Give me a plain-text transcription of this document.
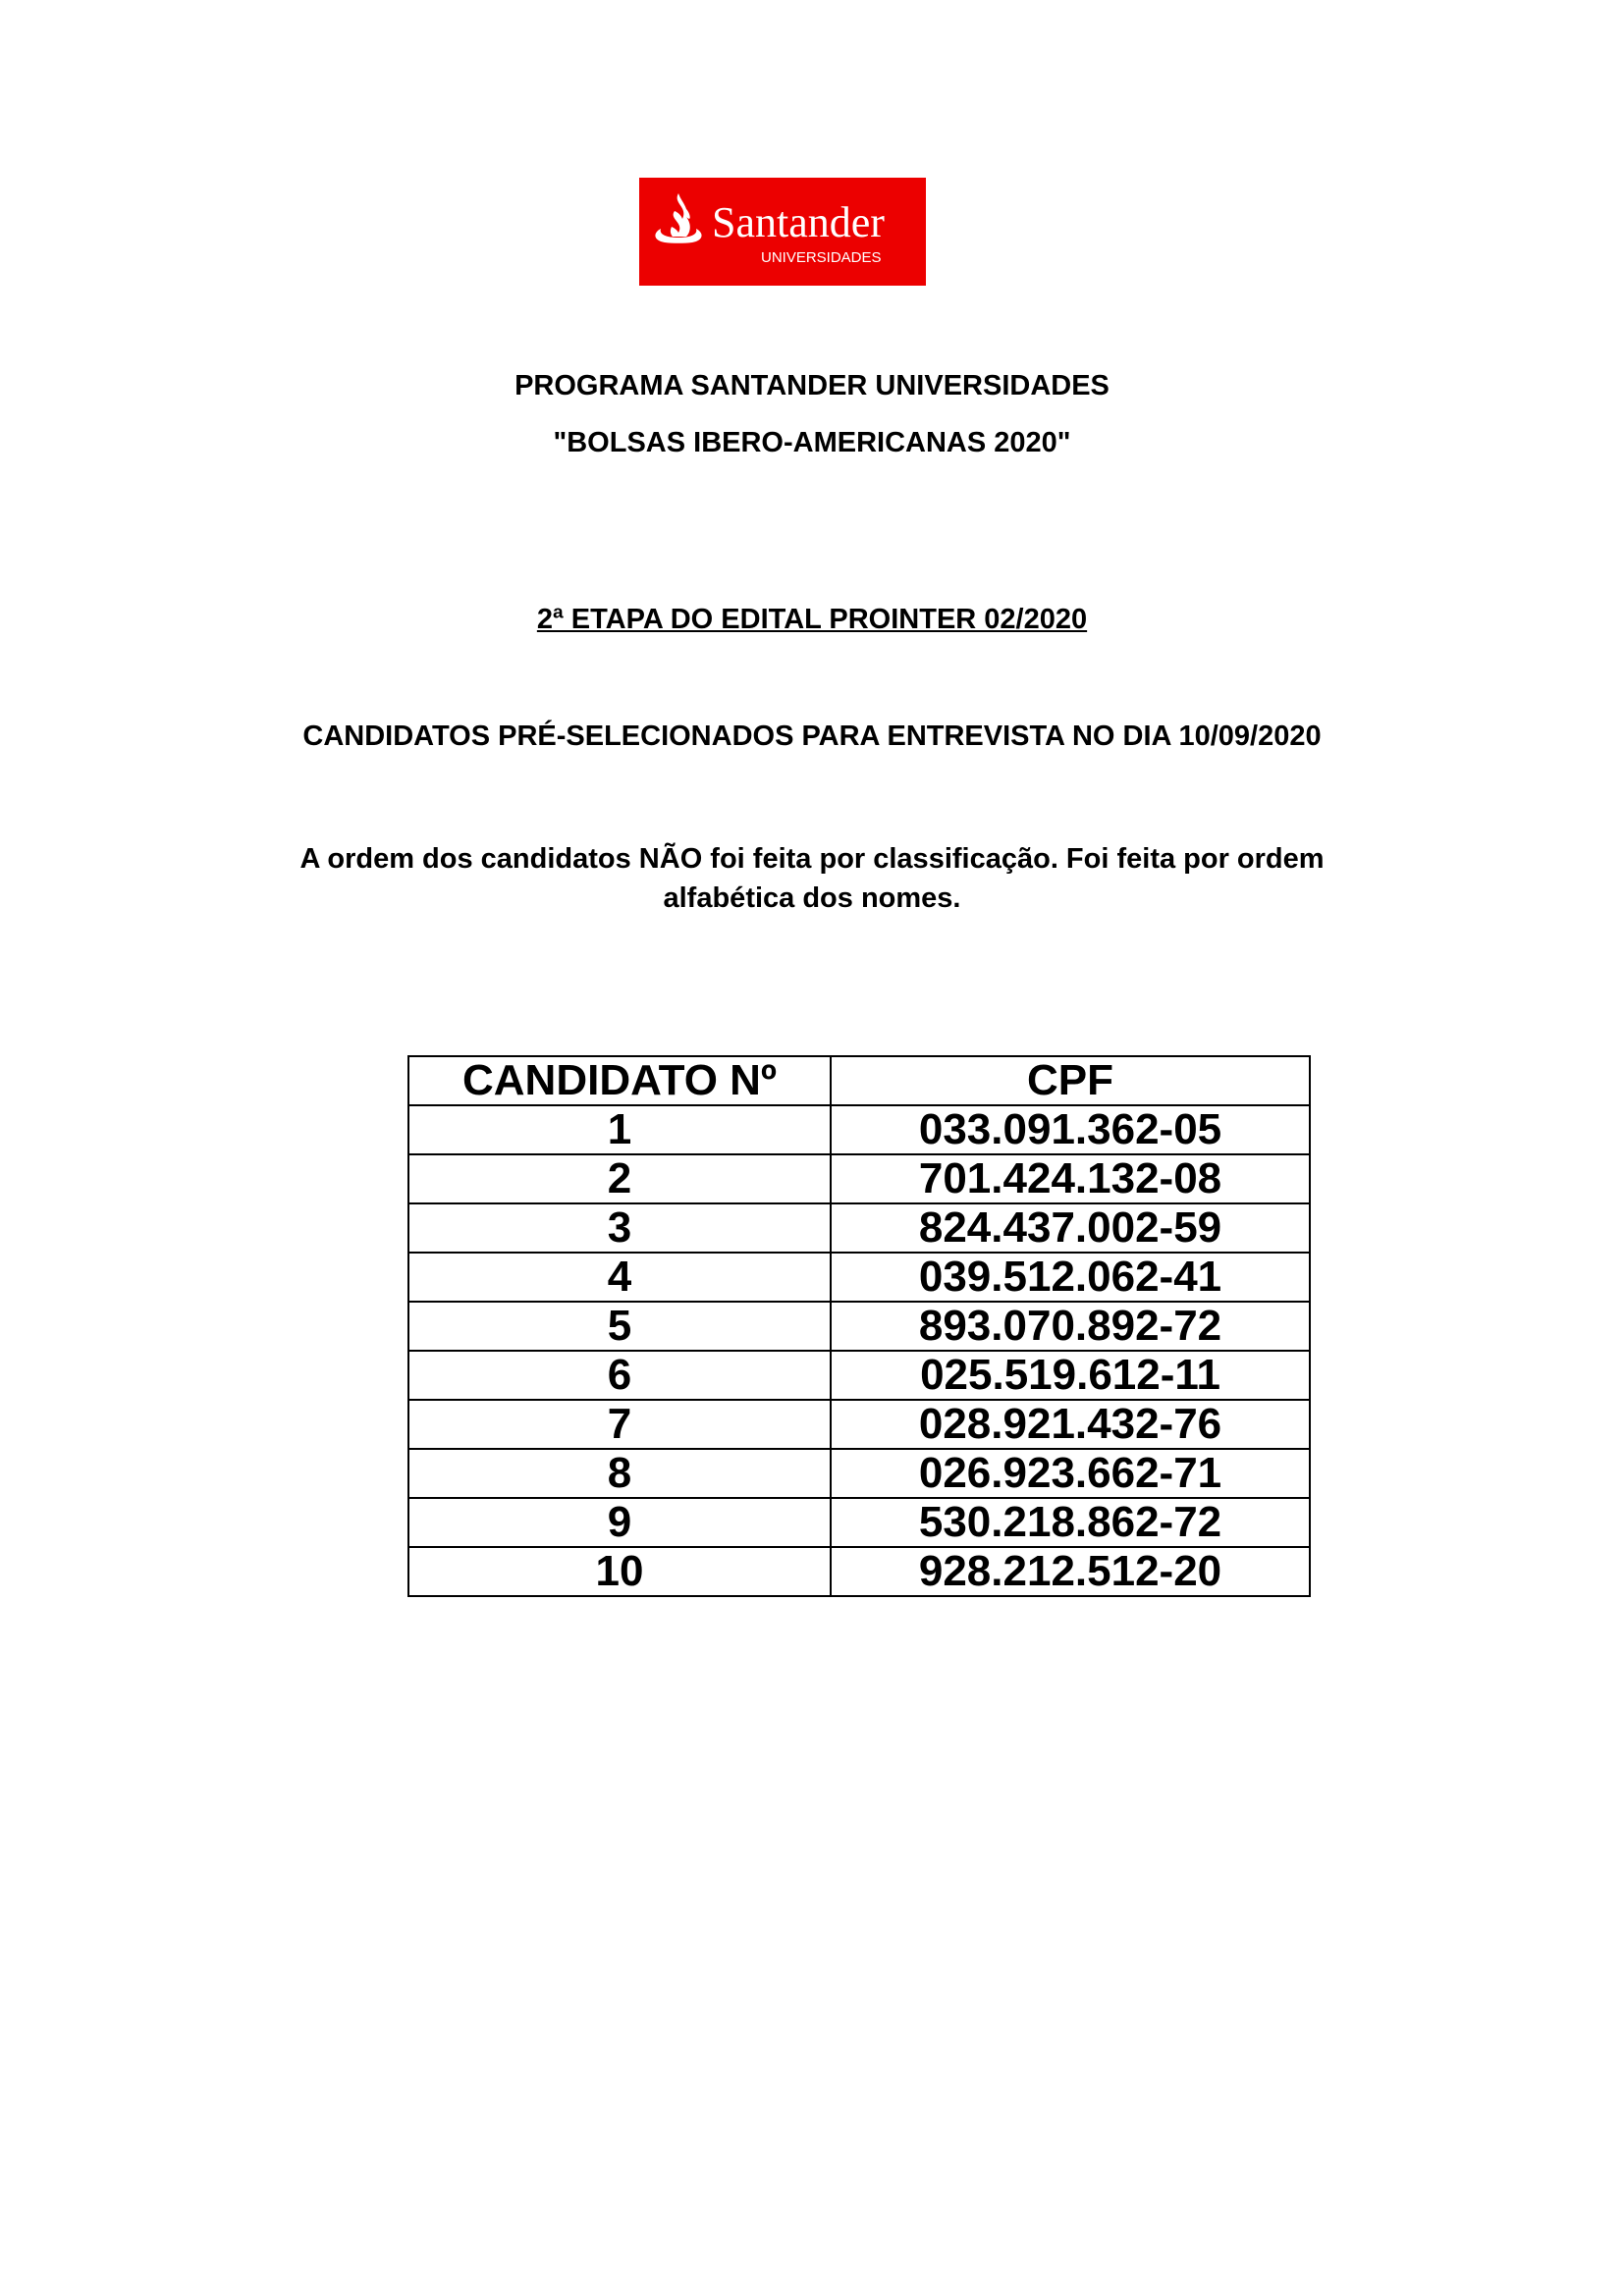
Santander
UNIVERSIDADES
PROGRAMA SANTANDER UNIVERSIDADES
"BOLSAS IBERO-AMERICANAS 2020"
2ª ETAPA DO EDITAL PROINTER 02/2020
CANDIDATOS PRÉ-SELECIONADOS PARA ENTREVISTA NO DIA 10/09/2020
A ordem dos candidatos NÃO foi feita por classificação. Foi feita por ordem
alfabética dos nomes.
CANDIDATO Nº	CPF
1	033.091.362-05
2	701.424.132-08
3	824.437.002-59
4	039.512.062-41
5	893.070.892-72
6	025.519.612-11
7	028.921.432-76
8	026.923.662-71
9	530.218.862-72
10	928.212.512-20
